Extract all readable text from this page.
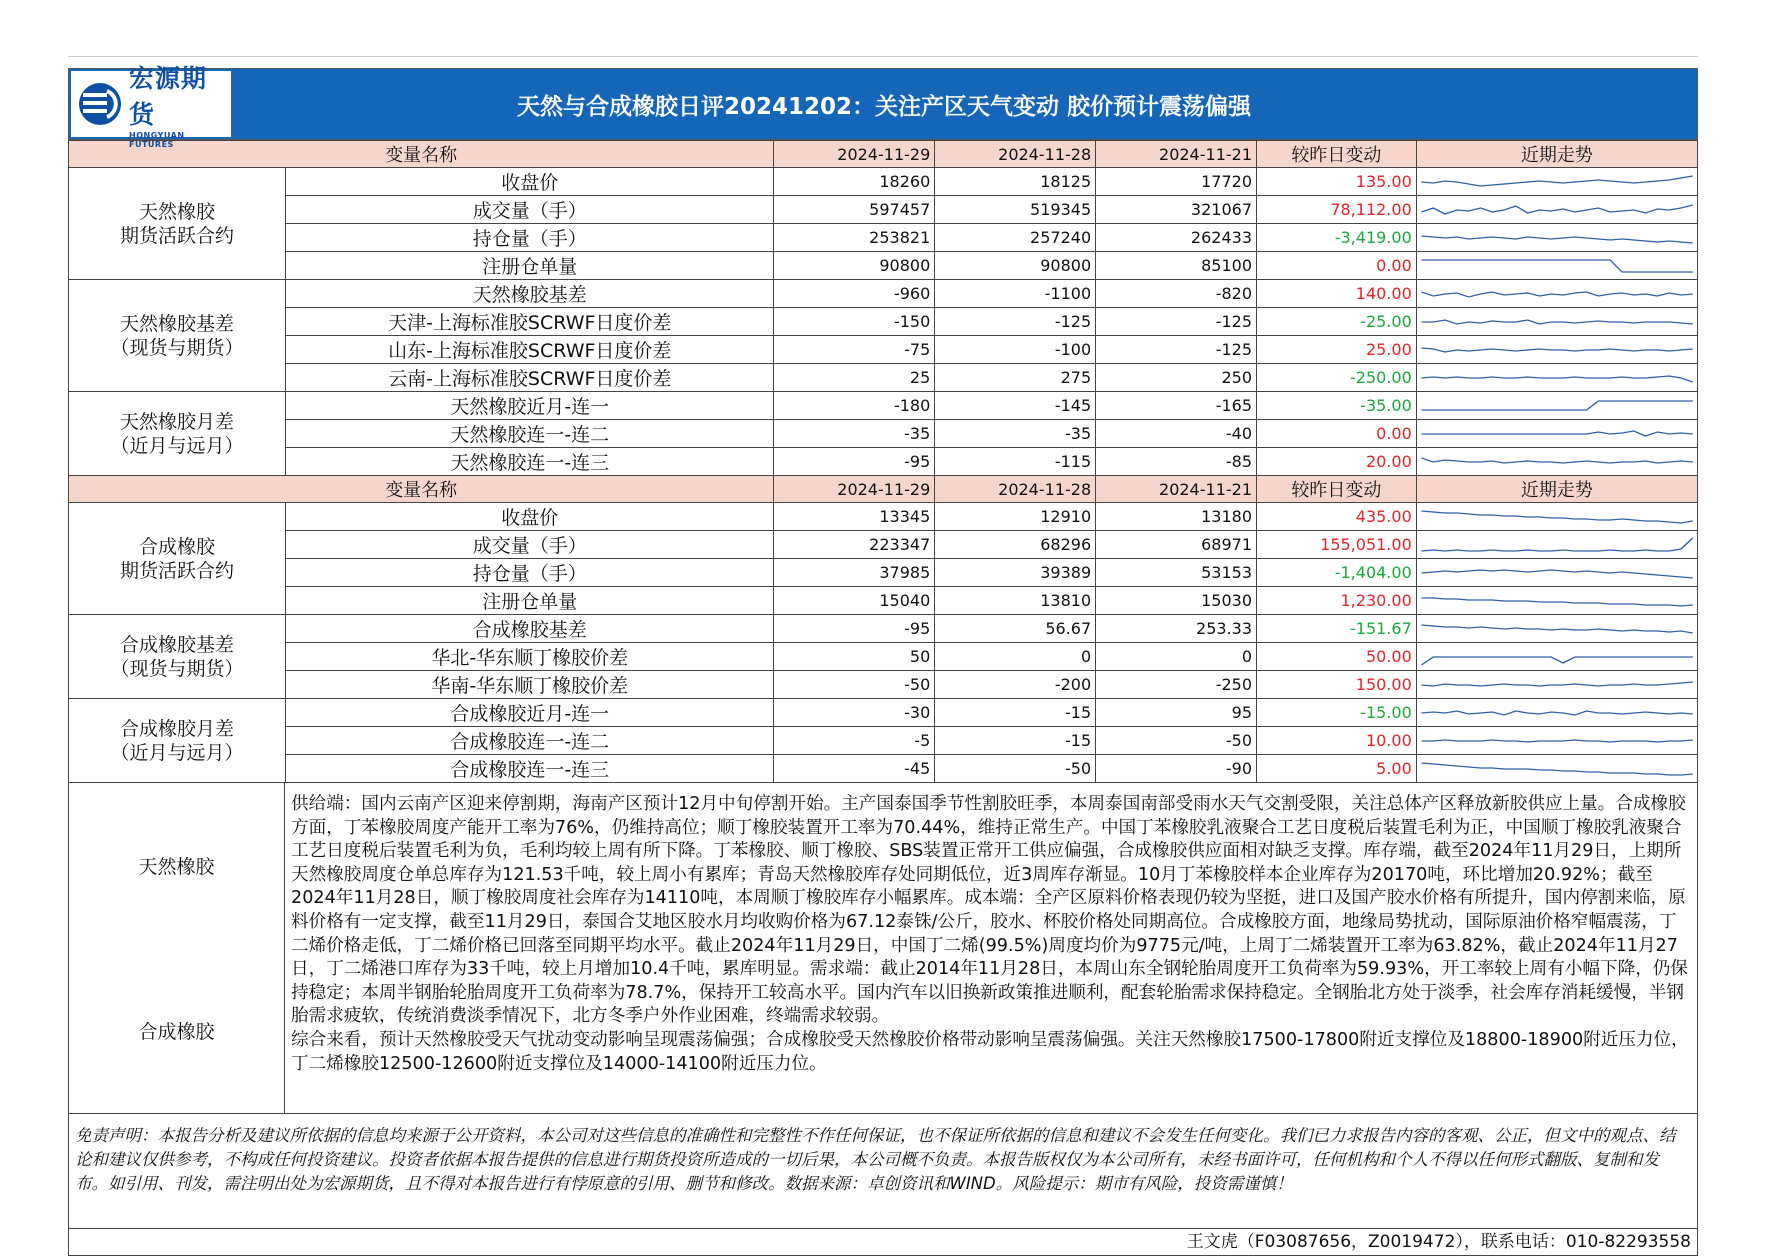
宏源期货
HONGYUAN FUTURES
天然与合成橡胶日评20241202：关注产区天气变动 胶价预计震荡偏强
变量名称		2024-11-29	2024-11-28	2024-11-21	较昨日变动	近期走势

天然橡胶
期货活跃合约	收盘价	18260	18125	17720	135.00	

	成交量（手）	597457	519345	321067	78,112.00	

	持仓量（手）	253821	257240	262433	-3,419.00	

	注册仓单量	90800	90800	85100	0.00	

天然橡胶基差
（现货与期货）	天然橡胶基差	-960	-1100	-820	140.00	

	天津-上海标准胶SCRWF日度价差	-150	-125	-125	-25.00	

	山东-上海标准胶SCRWF日度价差	-75	-100	-125	25.00	

	云南-上海标准胶SCRWF日度价差	25	275	250	-250.00	

天然橡胶月差
（近月与远月）	天然橡胶近月-连一	-180	-145	-165	-35.00	

	天然橡胶连一-连二	-35	-35	-40	0.00	

	天然橡胶连一-连三	-95	-115	-85	20.00	

变量名称		2024-11-29	2024-11-28	2024-11-21	较昨日变动	近期走势

合成橡胶
期货活跃合约	收盘价	13345	12910	13180	435.00	

	成交量（手）	223347	68296	68971	155,051.00	

	持仓量（手）	37985	39389	53153	-1,404.00	

	注册仓单量	15040	13810	15030	1,230.00	

合成橡胶基差
（现货与期货）	合成橡胶基差	-95	56.67	253.33	-151.67	

	华北-华东顺丁橡胶价差	50	0	0	50.00	

	华南-华东顺丁橡胶价差	-50	-200	-250	150.00	

合成橡胶月差
（近月与远月）	合成橡胶近月-连一	-30	-15	95	-15.00	

	合成橡胶连一-连二	-5	-15	-50	10.00	

	合成橡胶连一-连三	-45	-50	-90	5.00	
天然橡胶
合成橡胶
供给端：国内云南产区迎来停割期，海南产区预计12月中旬停割开始。主产国泰国季节性割胶旺季，本周泰国南部受雨水天气交割受限，关注总体产区释放新胶供应上量。合成橡胶方面，丁苯橡胶周度产能开工率为76%，仍维持高位；顺丁橡胶装置开工率为70.44%，维持正常生产。中国丁苯橡胶乳液聚合工艺日度税后装置毛利为正，中国顺丁橡胶乳液聚合工艺日度税后装置毛利为负，毛利均较上周有所下降。丁苯橡胶、顺丁橡胶、SBS装置正常开工供应偏强，合成橡胶供应面相对缺乏支撑。库存端，截至2024年11月29日，上期所天然橡胶周度仓单总库存为121.53千吨，较上周小有累库；青岛天然橡胶库存处同期低位，近3周库存渐显。10月丁苯橡胶样本企业库存为20170吨，环比增加20.92%；截至2024年11月28日，顺丁橡胶周度社会库存为14110吨，本周顺丁橡胶库存小幅累库。成本端：全产区原料价格表现仍较为坚挺，进口及国产胶水价格有所提升，国内停割来临，原料价格有一定支撑，截至11月29日，泰国合艾地区胶水月均收购价格为67.12泰铢/公斤，胶水、杯胶价格处同期高位。合成橡胶方面，地缘局势扰动，国际原油价格窄幅震荡，丁二烯价格走低，丁二烯价格已回落至同期平均水平。截止2024年11月29日，中国丁二烯(99.5%)周度均价为9775元/吨，上周丁二烯装置开工率为63.82%，截止2024年11月27日，丁二烯港口库存为33千吨，较上月增加10.4千吨，累库明显。需求端：截止2014年11月28日，本周山东全钢轮胎周度开工负荷率为59.93%，开工率较上周有小幅下降，仍保持稳定；本周半钢胎轮胎周度开工负荷率为78.7%，保持开工较高水平。国内汽车以旧换新政策推进顺利，配套轮胎需求保持稳定。全钢胎北方处于淡季，社会库存消耗缓慢，半钢胎需求疲软，传统消费淡季情况下，北方冬季户外作业困难，终端需求较弱。
综合来看，预计天然橡胶受天气扰动变动影响呈现震荡偏强；合成橡胶受天然橡胶价格带动影响呈震荡偏强。关注天然橡胶17500-17800附近支撑位及18800-18900附近压力位，丁二烯橡胶12500-12600附近支撑位及14000-14100附近压力位。
免责声明：本报告分析及建议所依据的信息均来源于公开资料，本公司对这些信息的准确性和完整性不作任何保证，也不保证所依据的信息和建议不会发生任何变化。我们已力求报告内容的客观、公正，但文中的观点、结论和建议仅供参考，不构成任何投资建议。投资者依据本报告提供的信息进行期货投资所造成的一切后果，本公司概不负责。本报告版权仅为本公司所有，未经书面许可，任何机构和个人不得以任何形式翻版、复制和发布。如引用、刊发，需注明出处为宏源期货，且不得对本报告进行有悖原意的引用、删节和修改。数据来源：卓创资讯和WIND。风险提示：期市有风险，投资需谨慎！
王文虎（F03087656，Z0019472），联系电话：010-82293558
